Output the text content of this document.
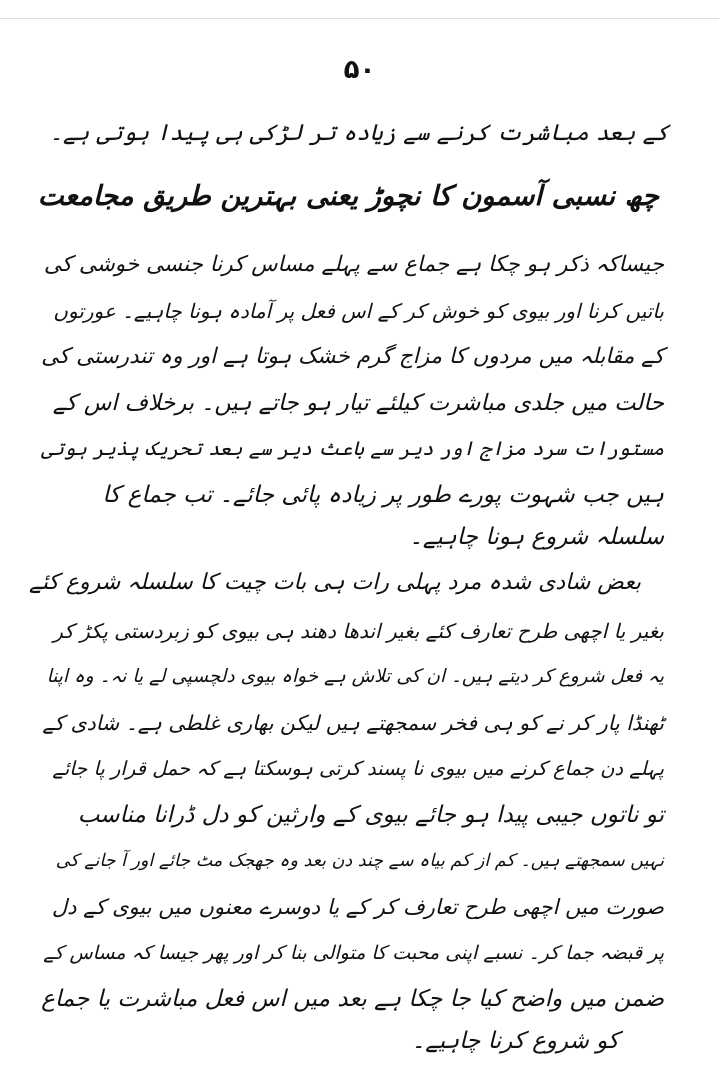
۵۰
کے بعد مباشرت کرنے سے زیادہ تر لڑکی ہی پیدا ہوتی ہے۔
چھ نسبی آسمون کا نچوڑ یعنی بہترین طریق مجامعت
جیساکہ ذکر ہو چکا ہے جماع سے پہلے مساس کرنا جنسی خوشی کی
باتیں کرنا اور بیوی کو خوش کر کے اس فعل پر آمادہ ہونا چاہیے۔ عورتوں
کے مقابلہ میں مردوں کا مزاج گرم خشک ہوتا ہے اور وہ تندرستی کی
حالت میں جلدی مباشرت کیلئے تیار ہو جاتے ہیں۔ برخلاف اس کے
مستورات سرد مزاج اور دیر سے باعث دیر سے بعد تحریک پذیر ہوتی
ہیں جب شہوت پورے طور پر زیادہ پائی جائے۔ تب جماع کا
سلسلہ شروع ہونا چاہیے۔
بعض شادی شدہ مرد پہلی رات ہی بات چیت کا سلسلہ شروع کئے
بغیر یا اچھی طرح تعارف کئے بغیر اندھا دھند ہی بیوی کو زبردستی پکڑ کر
یہ فعل شروع کر دیتے ہیں۔ ان کی تلاش ہے خواہ بیوی دلچسپی لے یا نہ۔ وہ اپنا
ٹھنڈا پار کر نے کو ہی فخر سمجھتے ہیں لیکن بھاری غلطی ہے۔ شادی کے
پہلے دن جماع کرنے میں بیوی نا پسند کرتی ہوسکتا ہے کہ حمل قرار پا جائے
تو ناتوں جیبی پیدا ہو جائے بیوی کے وارثین کو دل ڈرانا مناسب
نہیں سمجھتے ہیں۔ کم از کم بیاہ سے چند دن بعد وہ جھجک مٹ جائے اور آ جانے کی
صورت میں اچھی طرح تعارف کر کے یا دوسرے معنوں میں بیوی کے دل
پر قبضہ جما کر۔ نسبے اپنی محبت کا متوالی بنا کر اور پھر جیسا کہ مساس کے
ضمن میں واضح کیا جا چکا ہے بعد میں اس فعل مباشرت یا جماع
کو شروع کرنا چاہیے۔
